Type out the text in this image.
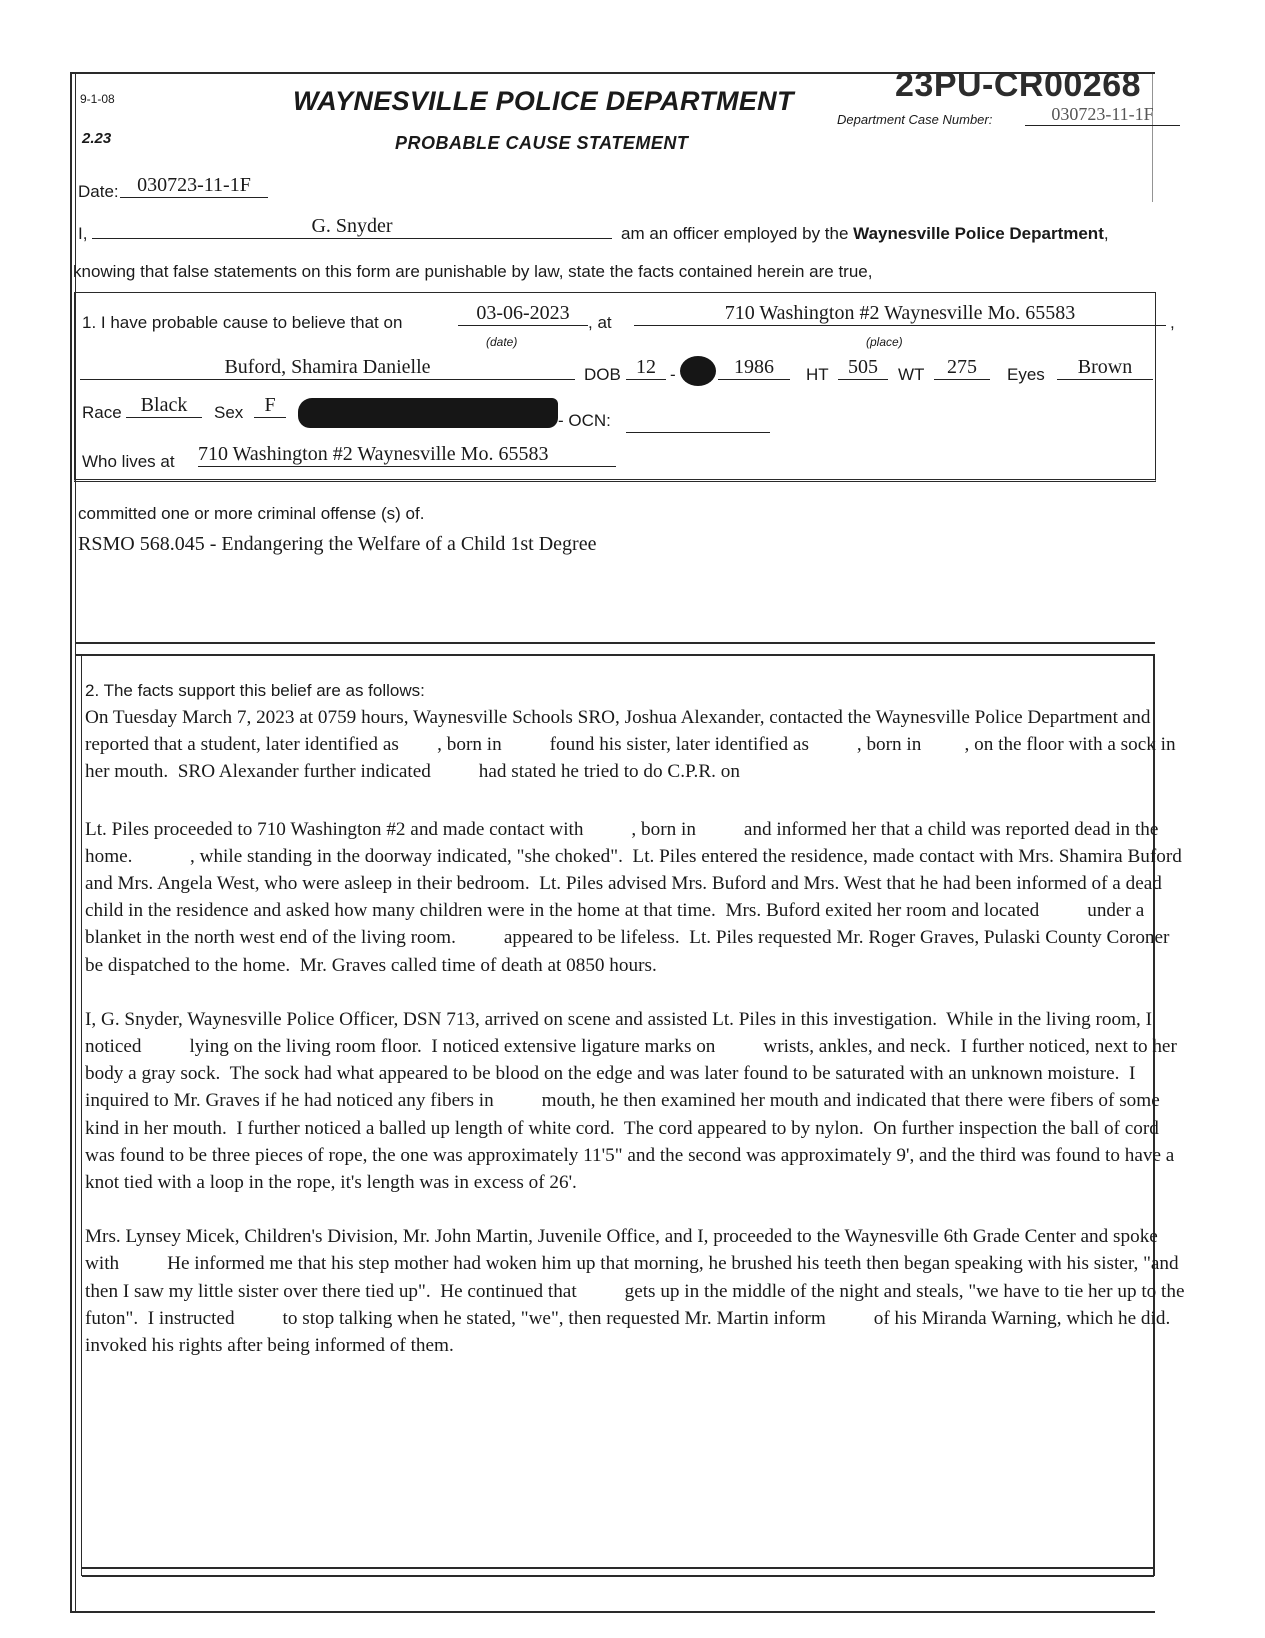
9-1-08
2.23
WAYNESVILLE POLICE DEPARTMENT
PROBABLE CAUSE STATEMENT
23PU-CR00268
Department Case Number:	030723-11-1F
Date: 030723-11-1F
I,	G. Snyder	am an officer employed by the Waynesville Police Department,
knowing that false statements on this form are punishable by law, state the facts contained herein are true,
1. I have probable cause to believe that on	03-06-2023	, at	710 Washington #2 Waynesville Mo. 65583	,
(date)	(place)
Buford, Shamira Danielle	DOB 12 -	1986	HT 505	WT	275	Eyes	Brown
Race Black	Sex	F
- OCN:
Who lives at 710 Washington #2 Waynesville Mo. 65583
committed one or more criminal offense (s) of.
RSMO 568.045 - Endangering the Welfare of a Child 1st Degree
2. The facts support this belief are as follows:

On Tuesday March 7, 2023 at 0759 hours, Waynesville Schools SRO, Joshua Alexander, contacted the Waynesville Police Department and reported that a student, later identified as        , born in          found his sister, later identified as          , born in         , on the floor with a sock in her mouth.  SRO Alexander further indicated          had stated he tried to do C.P.R. on

Lt. Piles proceeded to 710 Washington #2 and made contact with          , born in          and informed her that a child was reported dead in the home.            , while standing in the doorway indicated, "she choked".  Lt. Piles entered the residence, made contact with Mrs. Shamira Buford and Mrs. Angela West, who were asleep in their bedroom.  Lt. Piles advised Mrs. Buford and Mrs. West that he had been informed of a dead child in the residence and asked how many children were in the home at that time.  Mrs. Buford exited her room and located          under a blanket in the north west end of the living room.          appeared to be lifeless.  Lt. Piles requested Mr. Roger Graves, Pulaski County Coroner be dispatched to the home.  Mr. Graves called time of death at 0850 hours.

I, G. Snyder, Waynesville Police Officer, DSN 713, arrived on scene and assisted Lt. Piles in this investigation.  While in the living room, I noticed          lying on the living room floor.  I noticed extensive ligature marks on          wrists, ankles, and neck.  I further noticed, next to her body a gray sock.  The sock had what appeared to be blood on the edge and was later found to be saturated with an unknown moisture.  I inquired to Mr. Graves if he had noticed any fibers in          mouth, he then examined her mouth and indicated that there were fibers of some kind in her mouth.  I further noticed a balled up length of white cord.  The cord appeared to by nylon.  On further inspection the ball of cord was found to be three pieces of rope, the one was approximately 11'5" and the second was approximately 9', and the third was found to have a knot tied with a loop in the rope, it's length was in excess of 26'.

Mrs. Lynsey Micek, Children's Division, Mr. John Martin, Juvenile Office, and I, proceeded to the Waynesville 6th Grade Center and spoke with          He informed me that his step mother had woken him up that morning, he brushed his teeth then began speaking with his sister, "and then I saw my little sister over there tied up".  He continued that          gets up in the middle of the night and steals, "we have to tie her up to the futon".  I instructed          to stop talking when he stated, "we", then requested Mr. Martin inform          of his Miranda Warning, which he did.          invoked his rights after being informed of them.
